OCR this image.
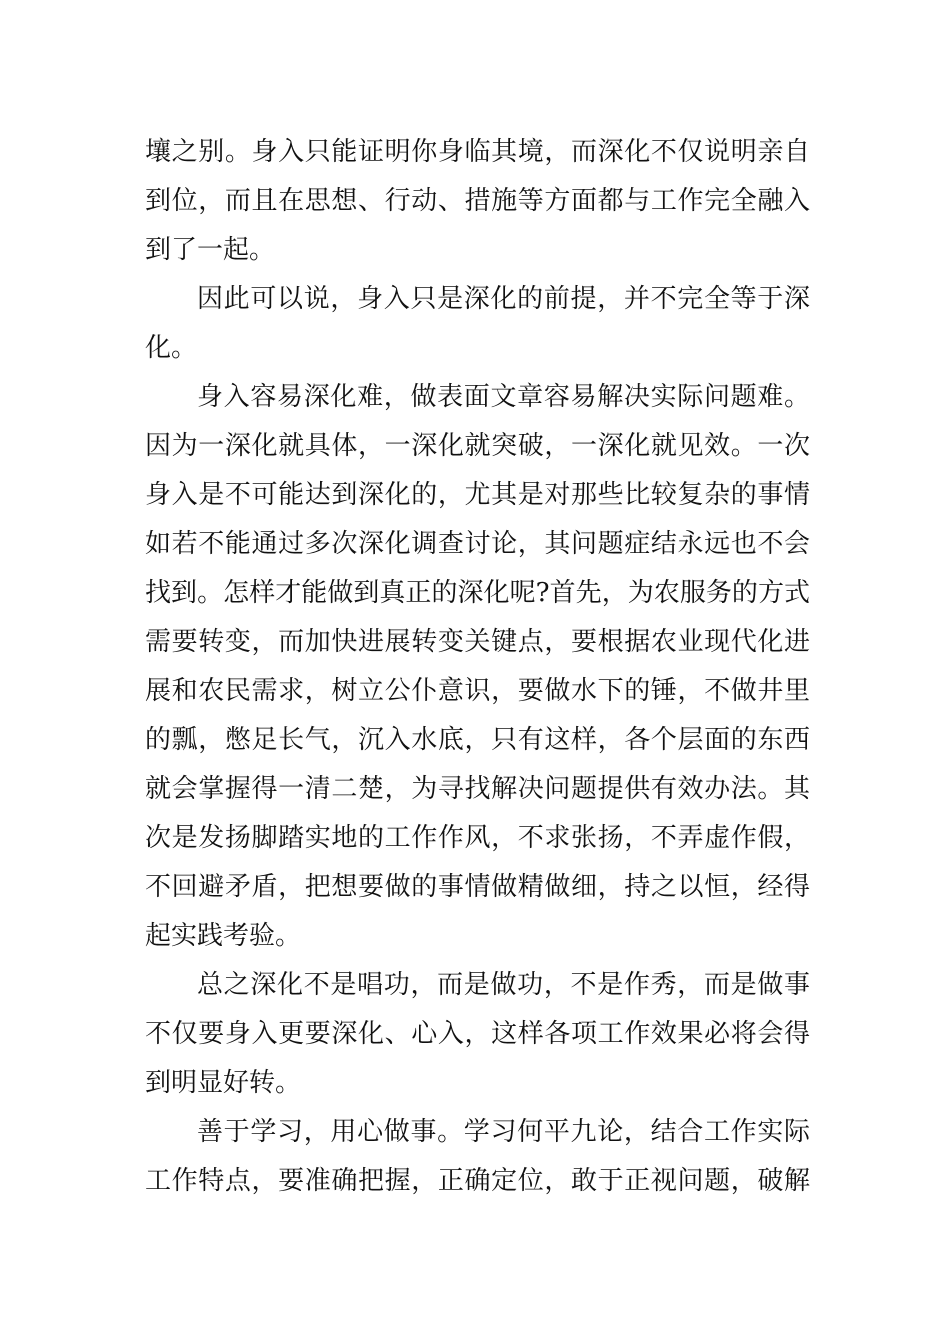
壤之别。身入只能证明你身临其境，而深化不仅说明亲自
到位，而且在思想、行动、措施等方面都与工作完全融入
到了一起。
因此可以说，身入只是深化的前提，并不完全等于深
化。
身入容易深化难，做表面文章容易解决实际问题难。
因为一深化就具体，一深化就突破，一深化就见效。一次
身入是不可能达到深化的，尤其是对那些比较复杂的事情
如若不能通过多次深化调查讨论，其问题症结永远也不会
找到。怎样才能做到真正的深化呢?首先，为农服务的方式
需要转变，而加快进展转变关键点，要根据农业现代化进
展和农民需求，树立公仆意识，要做水下的锤，不做井里
的瓢，憋足长气，沉入水底，只有这样，各个层面的东西
就会掌握得一清二楚，为寻找解决问题提供有效办法。其
次是发扬脚踏实地的工作作风，不求张扬，不弄虚作假，
不回避矛盾，把想要做的事情做精做细，持之以恒，经得
起实践考验。
总之深化不是唱功，而是做功，不是作秀，而是做事
不仅要身入更要深化、心入，这样各项工作效果必将会得
到明显好转。
善于学习，用心做事。学习何平九论，结合工作实际
工作特点，要准确把握，正确定位，敢于正视问题，破解
